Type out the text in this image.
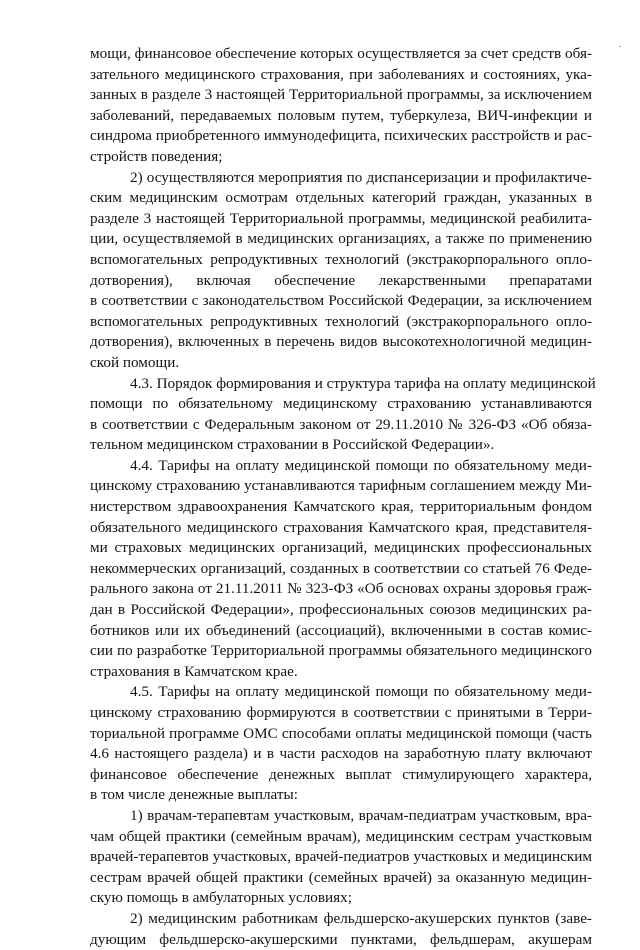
·
мощи, финансовое обеспечение которых осуществляется за счет средств обя-
зательного медицинского страхования, при заболеваниях и состояниях, ука-
занных в разделе 3 настоящей Территориальной программы, за исключением
заболеваний, передаваемых половым путем, туберкулеза, ВИЧ-инфекции и
синдрома приобретенного иммунодефицита, психических расстройств и рас-
стройств поведения;
2) осуществляются мероприятия по диспансеризации и профилактиче-
ским медицинским осмотрам отдельных категорий граждан, указанных в
разделе 3 настоящей Территориальной программы, медицинской реабилита-
ции, осуществляемой в медицинских организациях, а также по применению
вспомогательных репродуктивных технологий (экстракорпорального опло-
дотворения), включая обеспечение лекарственными препаратами
в соответствии с законодательством Российской Федерации, за исключением
вспомогательных репродуктивных технологий (экстракорпорального опло-
дотворения), включенных в перечень видов высокотехнологичной медицин-
ской помощи.
4.3. Порядок формирования и структура тарифа на оплату медицинской
помощи по обязательному медицинскому страхованию устанавливаются
в соответствии с Федеральным законом от 29.11.2010 № 326-ФЗ «Об обяза-
тельном медицинском страховании в Российской Федерации».
4.4. Тарифы на оплату медицинской помощи по обязательному меди-
цинскому страхованию устанавливаются тарифным соглашением между Ми-
нистерством здравоохранения Камчатского края, территориальным фондом
обязательного медицинского страхования Камчатского края, представителя-
ми страховых медицинских организаций, медицинских профессиональных
некоммерческих организаций, созданных в соответствии со статьей 76 Феде-
рального закона от 21.11.2011 № 323-ФЗ «Об основах охраны здоровья граж-
дан в Российской Федерации», профессиональных союзов медицинских ра-
ботников или их объединений (ассоциаций), включенными в состав комис-
сии по разработке Территориальной программы обязательного медицинского
страхования в Камчатском крае.
4.5. Тарифы на оплату медицинской помощи по обязательному меди-
цинскому страхованию формируются в соответствии с принятыми в Терри-
ториальной программе ОМС способами оплаты медицинской помощи (часть
4.6 настоящего раздела) и в части расходов на заработную плату включают
финансовое обеспечение денежных выплат стимулирующего характера,
в том числе денежные выплаты:
1) врачам-терапевтам участковым, врачам-педиатрам участковым, вра-
чам общей практики (семейным врачам), медицинским сестрам участковым
врачей-терапевтов участковых, врачей-педиатров участковых и медицинским
сестрам врачей общей практики (семейных врачей) за оказанную медицин-
скую помощь в амбулаторных условиях;
2) медицинским работникам фельдшерско-акушерских пунктов (заве-
дующим фельдшерско-акушерскими пунктами, фельдшерам, акушерам
